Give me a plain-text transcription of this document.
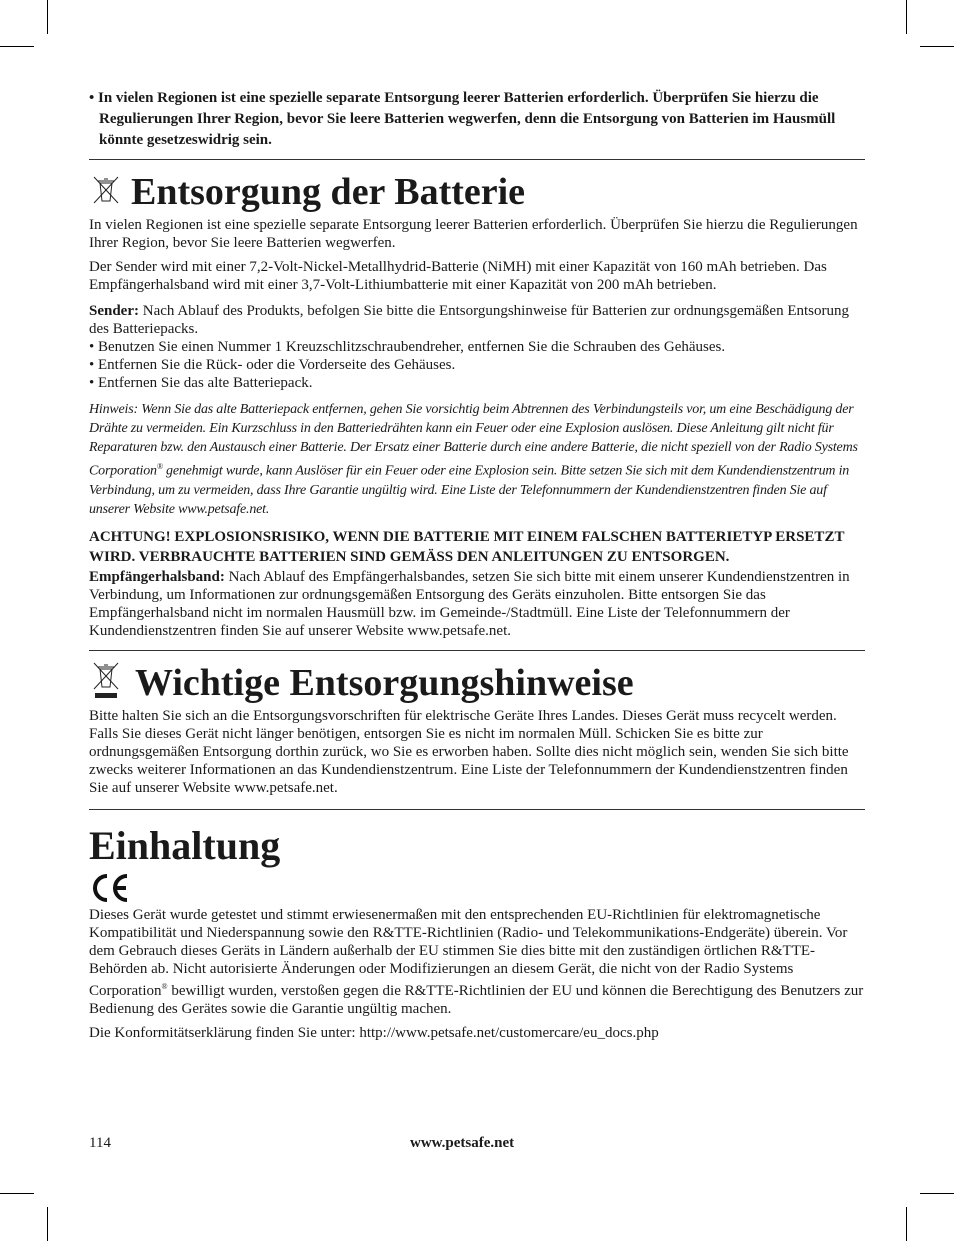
• In vielen Regionen ist eine spezielle separate Entsorgung leerer Batterien erforderlich. Überprüfen Sie hierzu die Regulierungen Ihrer Region, bevor Sie leere Batterien wegwerfen, denn die Entsorgung von Batterien im Hausmüll könnte gesetzeswidrig sein.

Entsorgung der Batterie

In vielen Regionen ist eine spezielle separate Entsorgung leerer Batterien erforderlich. Überprüfen Sie hierzu die Regulierungen Ihrer Region, bevor Sie leere Batterien wegwerfen.

Der Sender wird mit einer 7,2-Volt-Nickel-Metallhydrid-Batterie (NiMH) mit einer Kapazität von 160 mAh betrieben. Das Empfängerhalsband wird mit einer 3,7-Volt-Lithiumbatterie mit einer Kapazität von 200 mAh betrieben.

Sender: Nach Ablauf des Produkts, befolgen Sie bitte die Entsorgungshinweise für Batterien zur ordnungsgemäßen Entsorung des Batteriepacks.

• Benutzen Sie einen Nummer 1 Kreuzschlitzschraubendreher, entfernen Sie die Schrauben des Gehäuses.

• Entfernen Sie die Rück- oder die Vorderseite des Gehäuses.

• Entfernen Sie das alte Batteriepack.

Hinweis: Wenn Sie das alte Batteriepack entfernen, gehen Sie vorsichtig beim Abtrennen des Verbindungsteils vor, um eine Beschädigung der Drähte zu vermeiden. Ein Kurzschluss in den Batteriedrähten kann ein Feuer oder eine Explosion auslösen. Diese Anleitung gilt nicht für Reparaturen bzw. den Austausch einer Batterie. Der Ersatz einer Batterie durch eine andere Batterie, die nicht speziell von der Radio Systems Corporation® genehmigt wurde, kann Auslöser für ein Feuer oder eine Explosion sein. Bitte setzen Sie sich mit dem Kundendienstzentrum in Verbindung, um zu vermeiden, dass Ihre Garantie ungültig wird. Eine Liste der Telefonnummern der Kundendienstzentren finden Sie auf unserer Website www.petsafe.net.

ACHTUNG! EXPLOSIONSRISIKO, WENN DIE BATTERIE MIT EINEM FALSCHEN BATTERIETYP ERSETZT WIRD. VERBRAUCHTE BATTERIEN SIND GEMÄSS DEN ANLEITUNGEN ZU ENTSORGEN.

Empfängerhalsband: Nach Ablauf des Empfängerhalsbandes, setzen Sie sich bitte mit einem unserer Kundendienstzentren in Verbindung, um Informationen zur ordnungsgemäßen Entsorgung des Geräts einzuholen. Bitte entsorgen Sie das Empfängerhalsband nicht im normalen Hausmüll bzw. im Gemeinde-/Stadtmüll. Eine Liste der Telefonnummern der Kundendienstzentren finden Sie auf unserer Website www.petsafe.net.

Wichtige Entsorgungshinweise

Bitte halten Sie sich an die Entsorgungsvorschriften für elektrische Geräte Ihres Landes. Dieses Gerät muss recycelt werden. Falls Sie dieses Gerät nicht länger benötigen, entsorgen Sie es nicht im normalen Müll. Schicken Sie es bitte zur ordnungsgemäßen Entsorgung dorthin zurück, wo Sie es erworben haben. Sollte dies nicht möglich sein, wenden Sie sich bitte zwecks weiterer Informationen an das Kundendienstzentrum. Eine Liste der Telefonnummern der Kundendienstzentren finden Sie auf unserer Website www.petsafe.net.

Einhaltung

Dieses Gerät wurde getestet und stimmt erwiesenermaßen mit den entsprechenden EU-Richtlinien für elektromagnetische Kompatibilität und Niederspannung sowie den R&TTE-Richtlinien (Radio- und Telekommunikations-Endgeräte) überein. Vor dem Gebrauch dieses Geräts in Ländern außerhalb der EU stimmen Sie dies bitte mit den zuständigen örtlichen R&TTE-Behörden ab. Nicht autorisierte Änderungen oder Modifizierungen an diesem Gerät, die nicht von der Radio Systems Corporation® bewilligt wurden, verstoßen gegen die R&TTE-Richtlinien der EU und können die Berechtigung des Benutzers zur Bedienung des Gerätes sowie die Garantie ungültig machen.

Die Konformitätserklärung finden Sie unter: http://www.petsafe.net/customercare/eu_docs.php

114	www.petsafe.net
